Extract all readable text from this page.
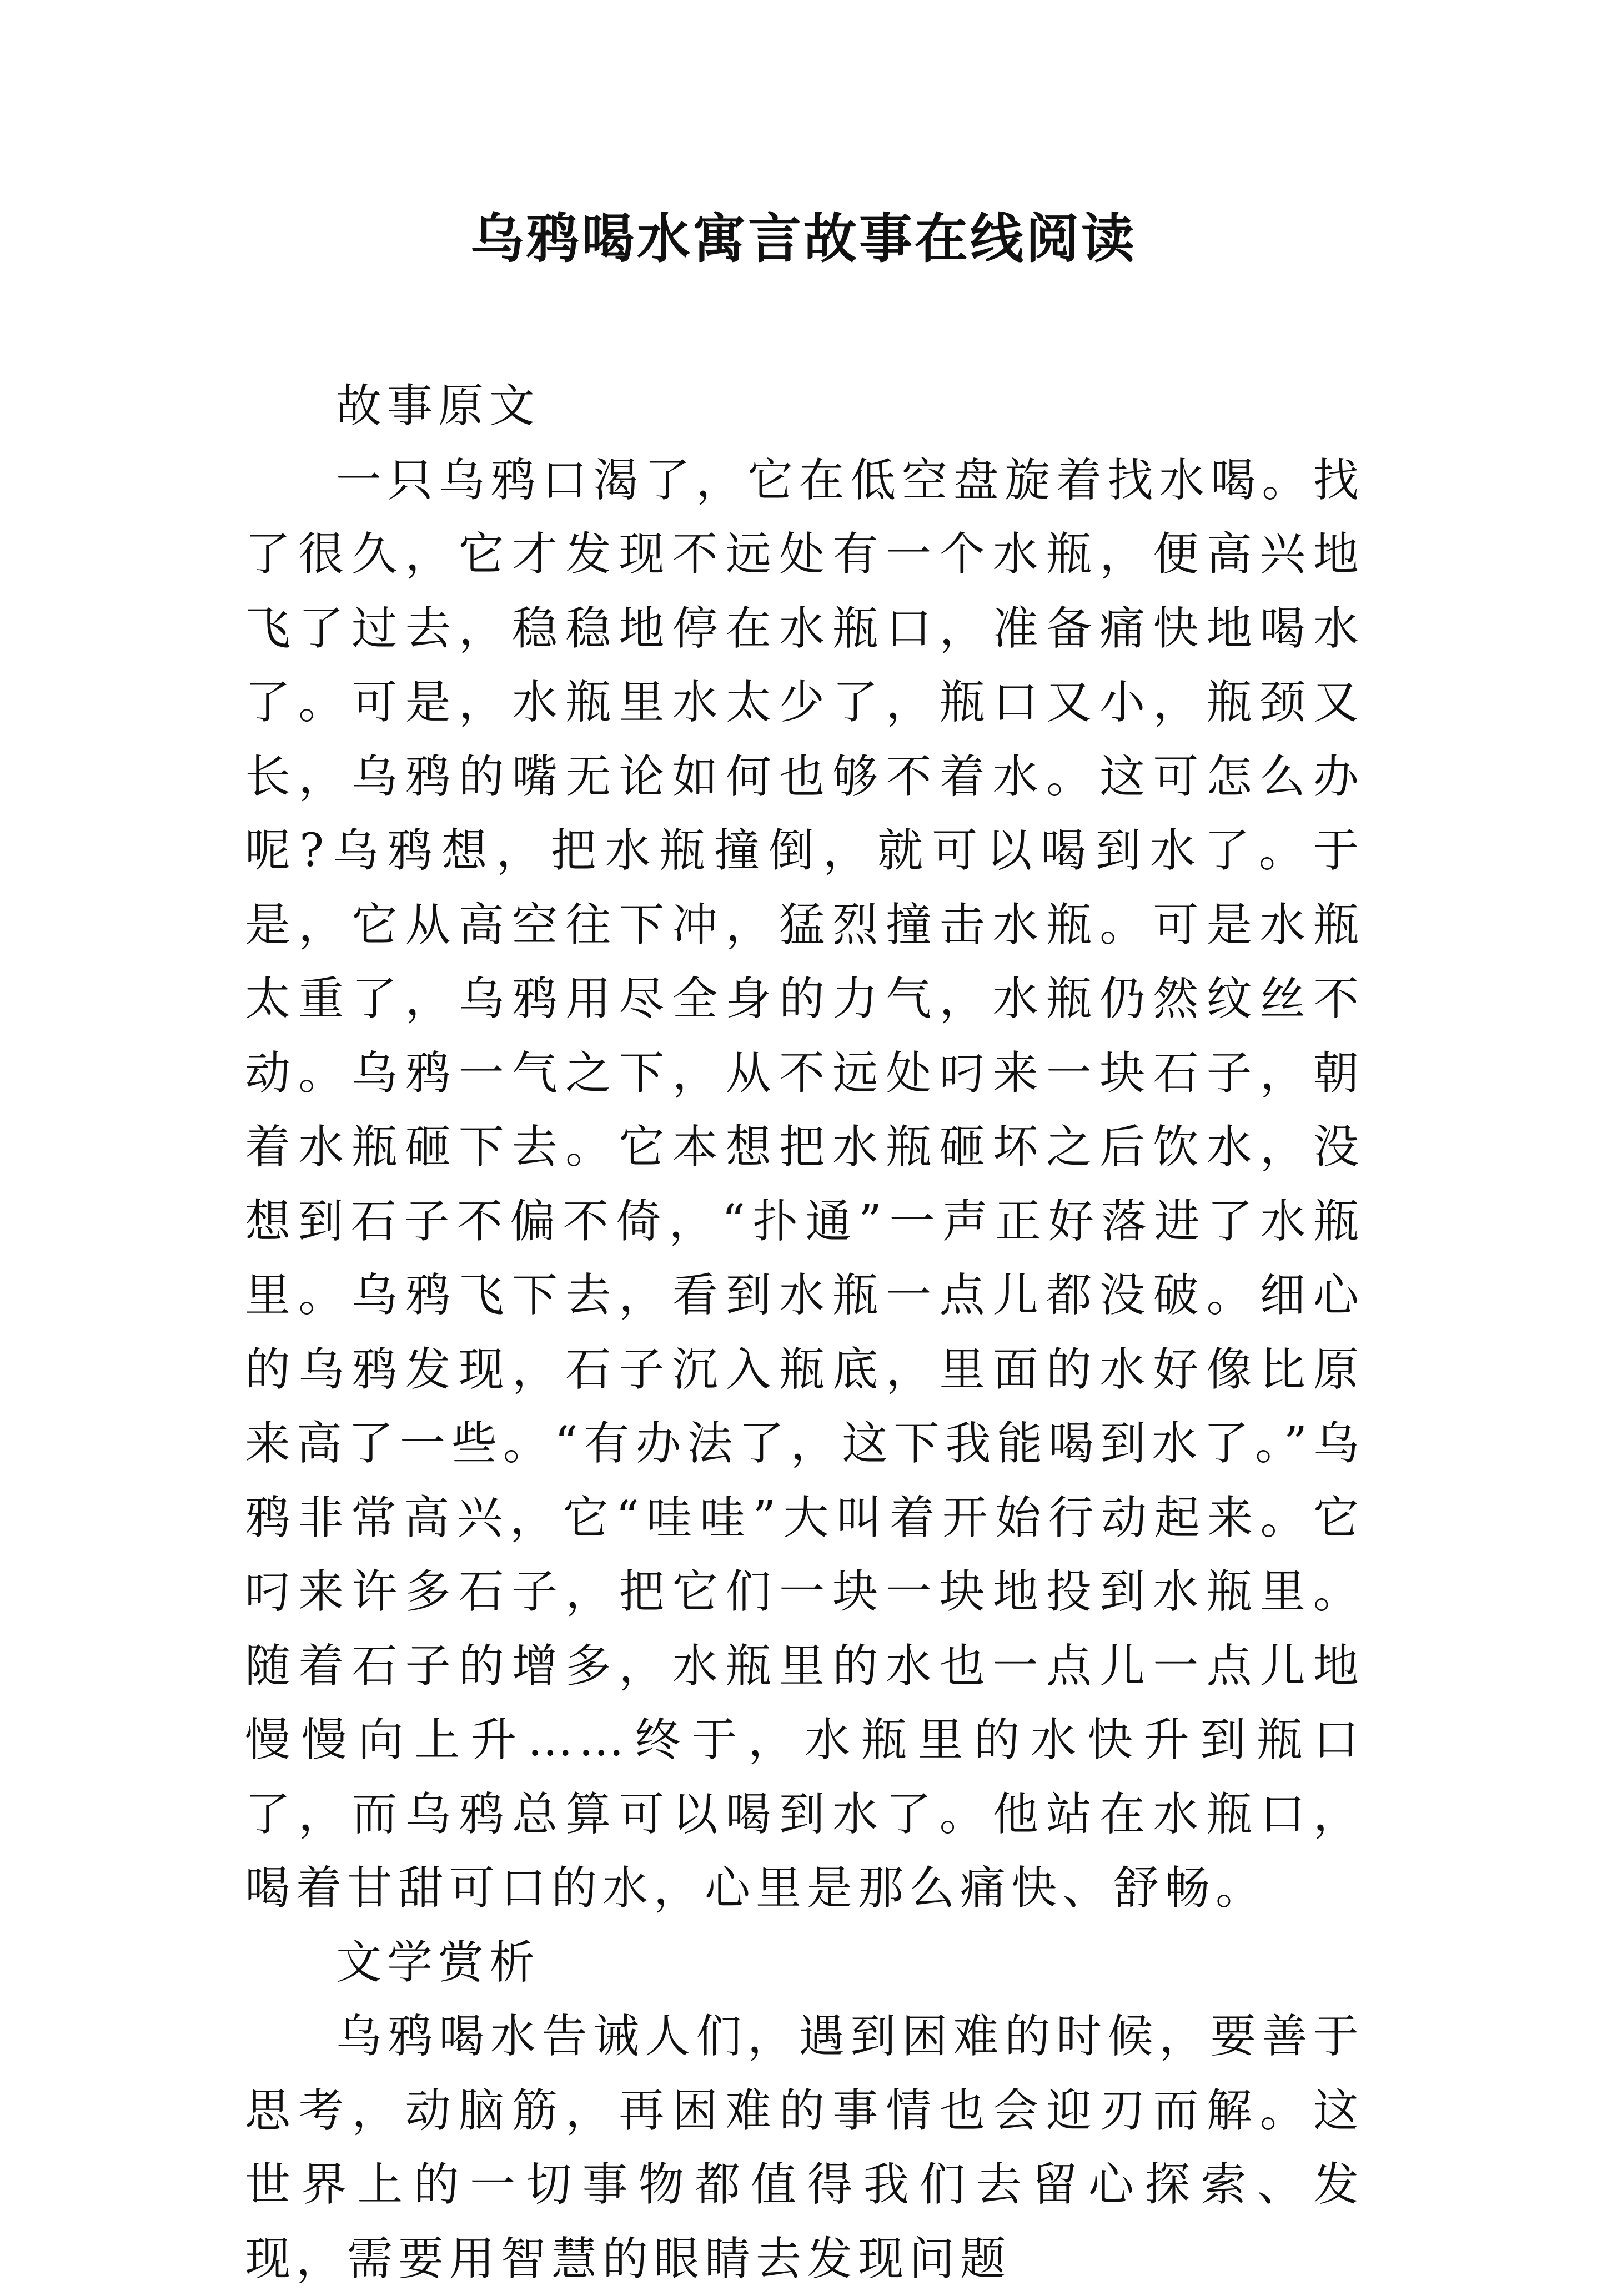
乌鸦喝水寓言故事在线阅读

故事原文

一只乌鸦口渴了，它在低空盘旋着找水喝。找了很久，它才发现不远处有一个水瓶，便高兴地飞了过去，稳稳地停在水瓶口，准备痛快地喝水了。可是，水瓶里水太少了，瓶口又小，瓶颈又长，乌鸦的嘴无论如何也够不着水。这可怎么办呢?乌鸦想，把水瓶撞倒，就可以喝到水了。于是，它从高空往下冲，猛烈撞击水瓶。可是水瓶太重了，乌鸦用尽全身的力气，水瓶仍然纹丝不动。乌鸦一气之下，从不远处叼来一块石子，朝着水瓶砸下去。它本想把水瓶砸坏之后饮水，没想到石子不偏不倚，“扑通”一声正好落进了水瓶里。乌鸦飞下去，看到水瓶一点儿都没破。细心的乌鸦发现，石子沉入瓶底，里面的水好像比原来高了一些。“有办法了，这下我能喝到水了。”乌鸦非常高兴，它“哇哇”大叫着开始行动起来。它叼来许多石子，把它们一块一块地投到水瓶里。随着石子的增多，水瓶里的水也一点儿一点儿地慢慢向上升……终于，水瓶里的水快升到瓶口了，而乌鸦总算可以喝到水了。他站在水瓶口，喝着甘甜可口的水，心里是那么痛快、舒畅。

文学赏析

乌鸦喝水告诫人们，遇到困难的时候，要善于思考，动脑筋，再困难的事情也会迎刃而解。这世界上的一切事物都值得我们去留心探索、发现，需要用智慧的眼睛去发现问题
